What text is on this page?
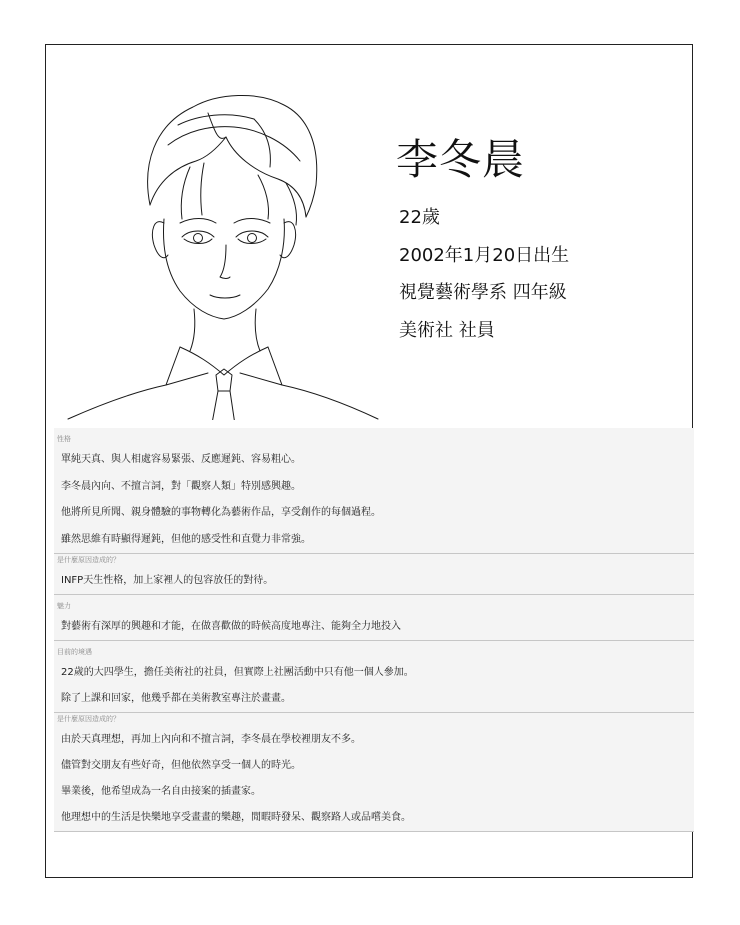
李冬晨
22歲
2002年1月20日出生
視覺藝術學系 四年級
美術社 社員
性格
單純天真、與人相處容易緊張、反應遲鈍、容易粗心。
李冬晨內向、不擅言詞，對「觀察人類」特別感興趣。
他將所見所聞、親身體驗的事物轉化為藝術作品，享受創作的每個過程。
雖然思維有時顯得遲鈍，但他的感受性和直覺力非常強。
是什麼原因造成的？
INFP天生性格，加上家裡人的包容放任的對待。
魅力
對藝術有深厚的興趣和才能，在做喜歡做的時候高度地專注、能夠全力地投入
目前的境遇
22歲的大四學生，擔任美術社的社員，但實際上社團活動中只有他一個人參加。
除了上課和回家，他幾乎都在美術教室專注於畫畫。
是什麼原因造成的？
由於天真理想，再加上內向和不擅言詞，李冬晨在學校裡朋友不多。
儘管對交朋友有些好奇，但他依然享受一個人的時光。
畢業後，他希望成為一名自由接案的插畫家。
他理想中的生活是快樂地享受畫畫的樂趣，閒暇時發呆、觀察路人或品嚐美食。
